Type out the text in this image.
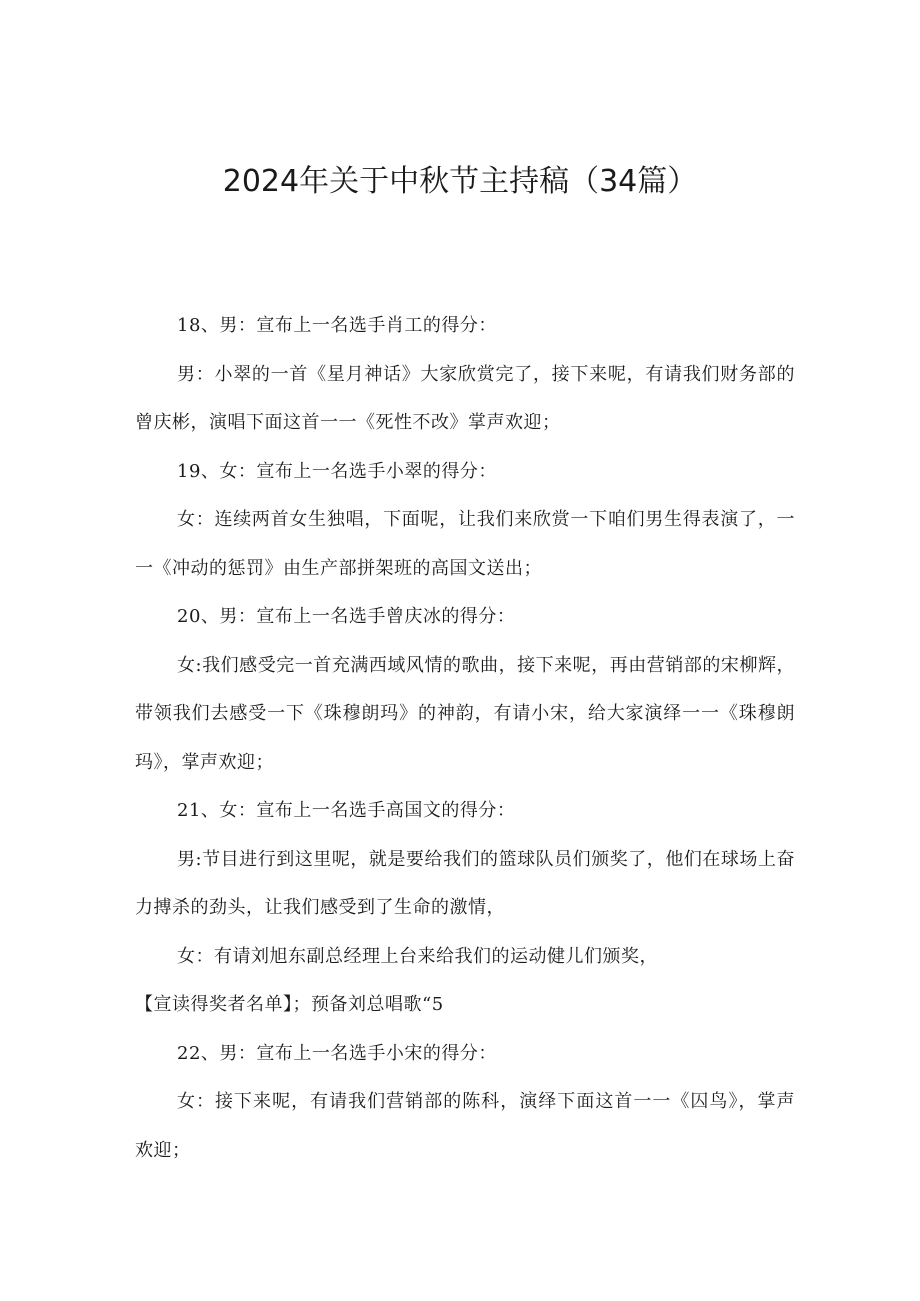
2024年关于中秋节主持稿（34篇）

18、男：宣布上一名选手肖工的得分：

男：小翠的一首《星月神话》大家欣赏完了，接下来呢，有请我们财务部的曾庆彬，演唱下面这首一一《死性不改》掌声欢迎；

19、女：宣布上一名选手小翠的得分：

女：连续两首女生独唱，下面呢，让我们来欣赏一下咱们男生得表演了，一一《冲动的惩罚》由生产部拼架班的高国文送出；

20、男：宣布上一名选手曾庆冰的得分：

女:我们感受完一首充满西域风情的歌曲，接下来呢，再由营销部的宋柳辉，带领我们去感受一下《珠穆朗玛》的神韵，有请小宋，给大家演绎一一《珠穆朗玛》，掌声欢迎；

21、女：宣布上一名选手高国文的得分：

男:节目进行到这里呢，就是要给我们的篮球队员们颁奖了，他们在球场上奋力搏杀的劲头，让我们感受到了生命的激情，

女：有请刘旭东副总经理上台来给我们的运动健儿们颁奖，

【宣读得奖者名单】；预备刘总唱歌“5

22、男：宣布上一名选手小宋的得分：

女：接下来呢，有请我们营销部的陈科，演绎下面这首一一《囚鸟》，掌声欢迎；
